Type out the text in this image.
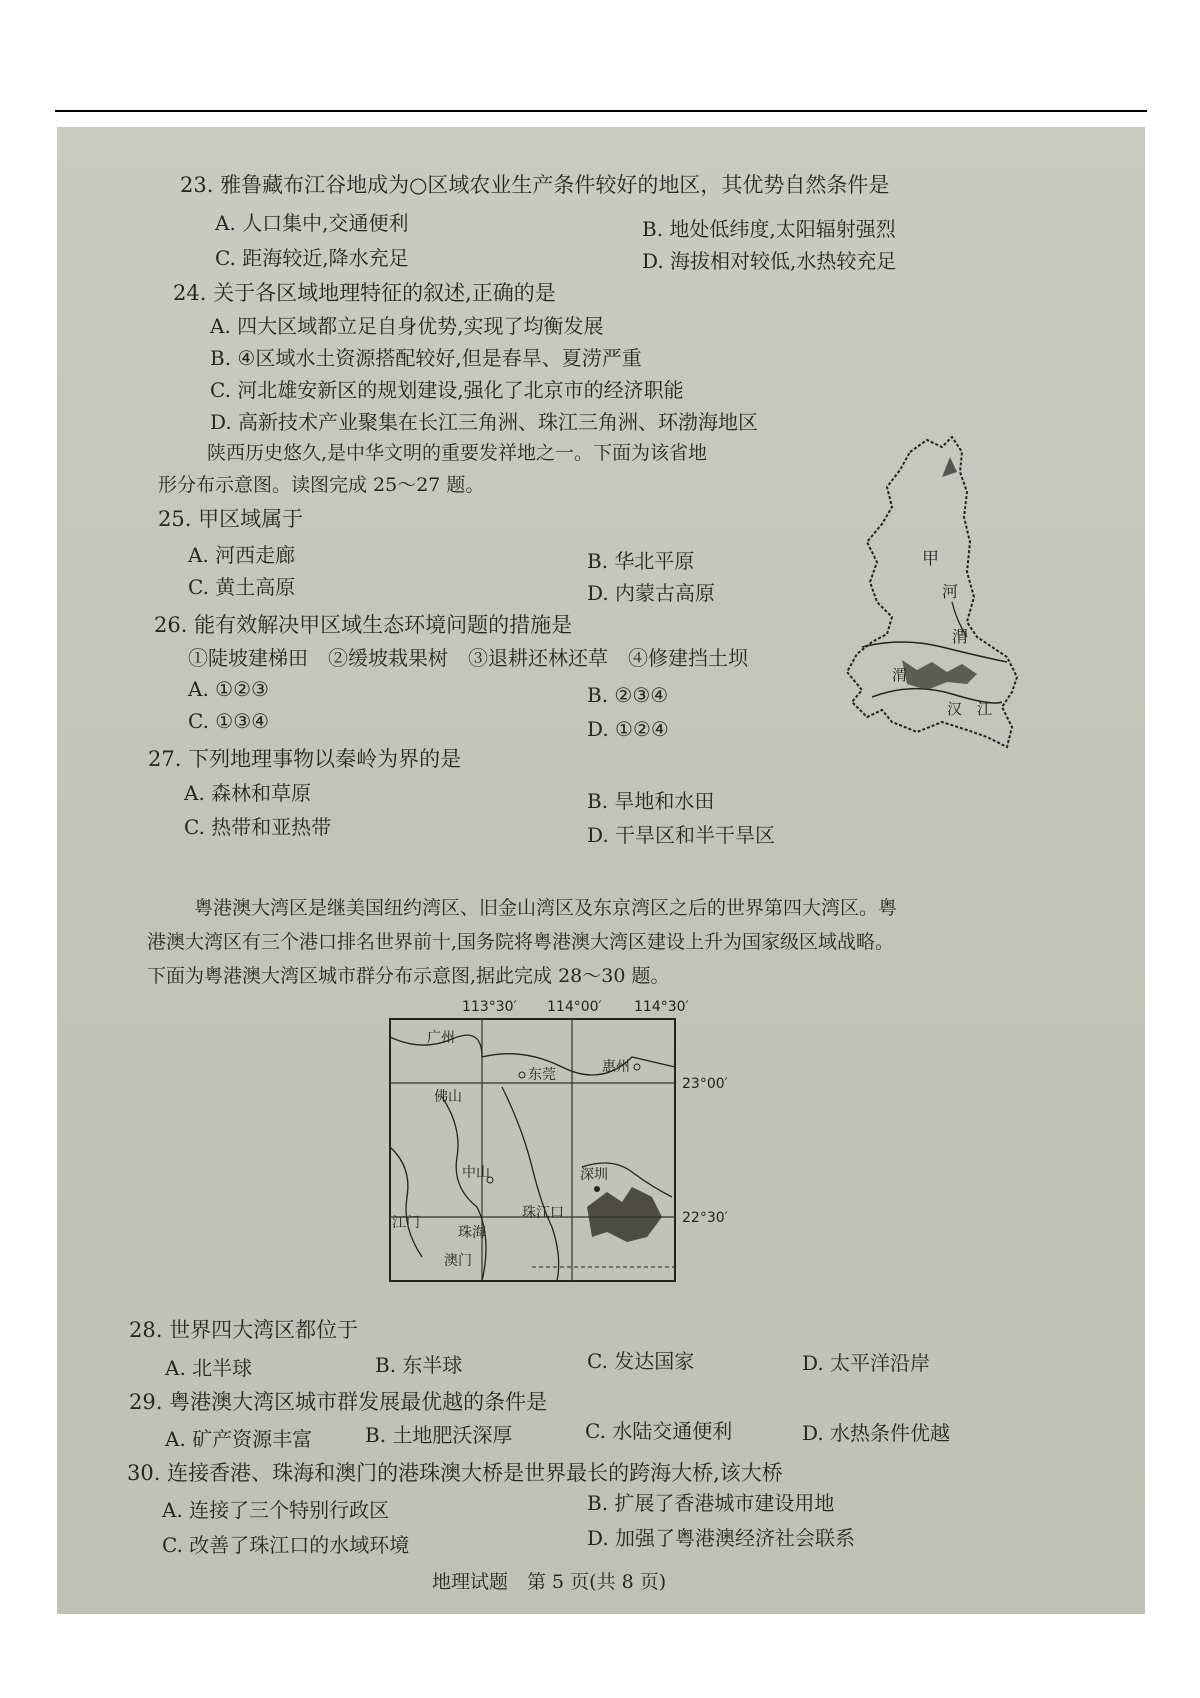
23. 雅鲁藏布江谷地成为○区域农业生产条件较好的地区，其优势自然条件是
A. 人口集中,交通便利	B. 地处低纬度,太阳辐射强烈
C. 距海较近,降水充足	D. 海拔相对较低,水热较充足
24. 关于各区域地理特征的叙述,正确的是
A. 四大区域都立足自身优势,实现了均衡发展
B. ④区域水土资源搭配较好,但是春旱、夏涝严重
C. 河北雄安新区的规划建设,强化了北京市的经济职能
D. 高新技术产业聚集在长江三角洲、珠江三角洲、环渤海地区
陕西历史悠久,是中华文明的重要发祥地之一。下面为该省地
形分布示意图。读图完成 25～27 题。
25. 甲区域属于
A. 河西走廊	B. 华北平原
C. 黄土高原	D. 内蒙古高原
26. 能有效解决甲区域生态环境问题的措施是
①陡坡建梯田　②缓坡栽果树　③退耕还林还草　④修建挡土坝
A. ①②③	B. ②③④
C. ①③④	D. ①②④
27. 下列地理事物以秦岭为界的是
A. 森林和草原	B. 旱地和水田
C. 热带和亚热带	D. 干旱区和半干旱区
甲
河
渭
渭
汉 江
粤港澳大湾区是继美国纽约湾区、旧金山湾区及东京湾区之后的世界第四大湾区。粤
港澳大湾区有三个港口排名世界前十,国务院将粤港澳大湾区建设上升为国家级区域战略。
下面为粤港澳大湾区城市群分布示意图,据此完成 28～30 题。
113°30′ 114°00′ 114°30′
23°00′
22°30′
广州
东莞	惠州
佛山
中山	深圳
江门
珠海
澳门
珠江口
28. 世界四大湾区都位于
A. 北半球	B. 东半球	C. 发达国家	D. 太平洋沿岸
29. 粤港澳大湾区城市群发展最优越的条件是
A. 矿产资源丰富	B. 土地肥沃深厚	C. 水陆交通便利	D. 水热条件优越
30. 连接香港、珠海和澳门的港珠澳大桥是世界最长的跨海大桥,该大桥
A. 连接了三个特别行政区	B. 扩展了香港城市建设用地
C. 改善了珠江口的水域环境	D. 加强了粤港澳经济社会联系
地理试题　第 5 页(共 8 页)
